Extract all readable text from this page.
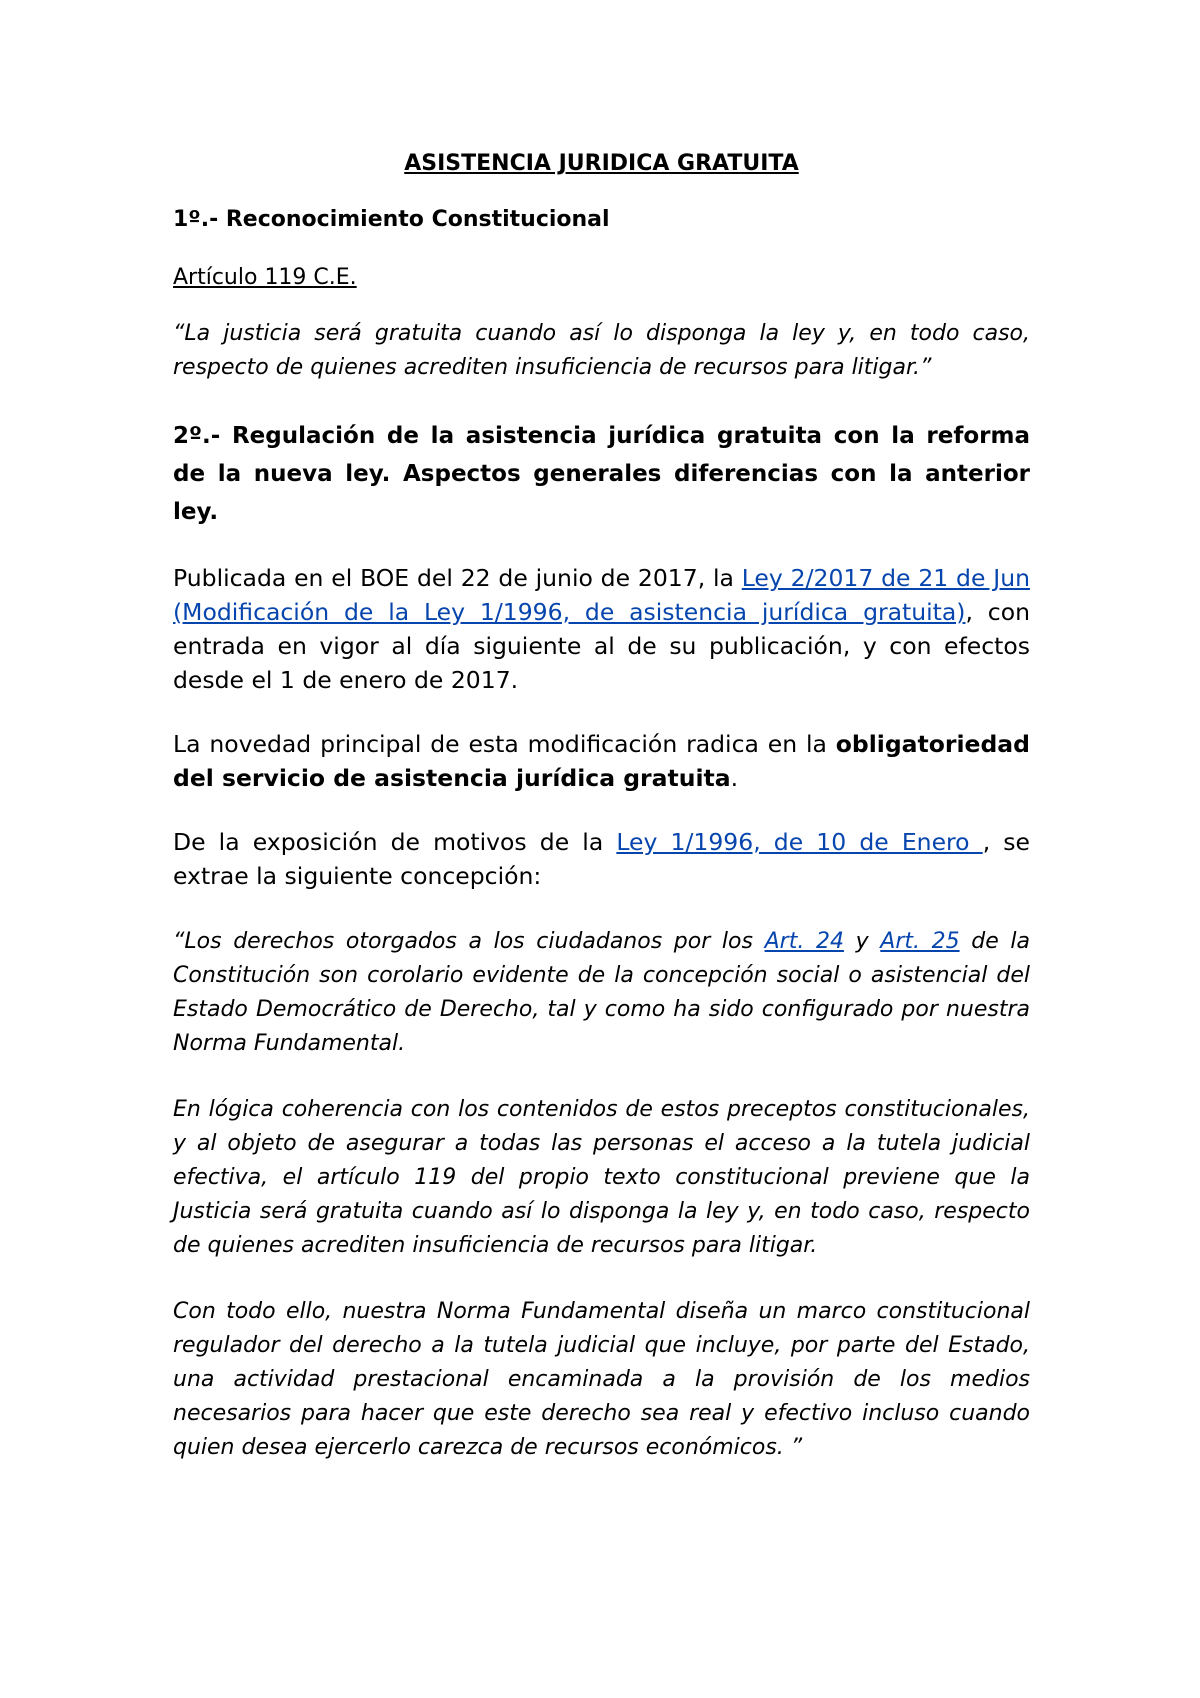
ASISTENCIA JURIDICA GRATUITA

1º.- Reconocimiento Constitucional

Artículo 119 C.E.

“La justicia será gratuita cuando así lo disponga la ley y, en todo caso, respecto de quienes acrediten insuficiencia de recursos para litigar.”

2º.- Regulación de la asistencia jurídica gratuita con la reforma de la nueva ley. Aspectos generales diferencias con la anterior ley.

Publicada en el BOE del 22 de junio de 2017, la Ley 2/2017 de 21 de Jun (Modificación de la Ley 1/1996, de asistencia jurídica gratuita), con entrada en vigor al día siguiente al de su publicación, y con efectos desde el 1 de enero de 2017.

La novedad principal de esta modificación radica en la obligatoriedad del servicio de asistencia jurídica gratuita.

De la exposición de motivos de la Ley 1/1996, de 10 de Enero , se extrae la siguiente concepción:

“Los derechos otorgados a los ciudadanos por los Art. 24 y Art. 25 de la Constitución son corolario evidente de la concepción social o asistencial del Estado Democrático de Derecho, tal y como ha sido configurado por nuestra Norma Fundamental.

En lógica coherencia con los contenidos de estos preceptos constitucionales, y al objeto de asegurar a todas las personas el acceso a la tutela judicial efectiva, el artículo 119 del propio texto constitucional previene que la Justicia será gratuita cuando así lo disponga la ley y, en todo caso, respecto de quienes acrediten insuficiencia de recursos para litigar.

Con todo ello, nuestra Norma Fundamental diseña un marco constitucional regulador del derecho a la tutela judicial que incluye, por parte del Estado, una actividad prestacional encaminada a la provisión de los medios necesarios para hacer que este derecho sea real y efectivo incluso cuando quien desea ejercerlo carezca de recursos económicos. ”
